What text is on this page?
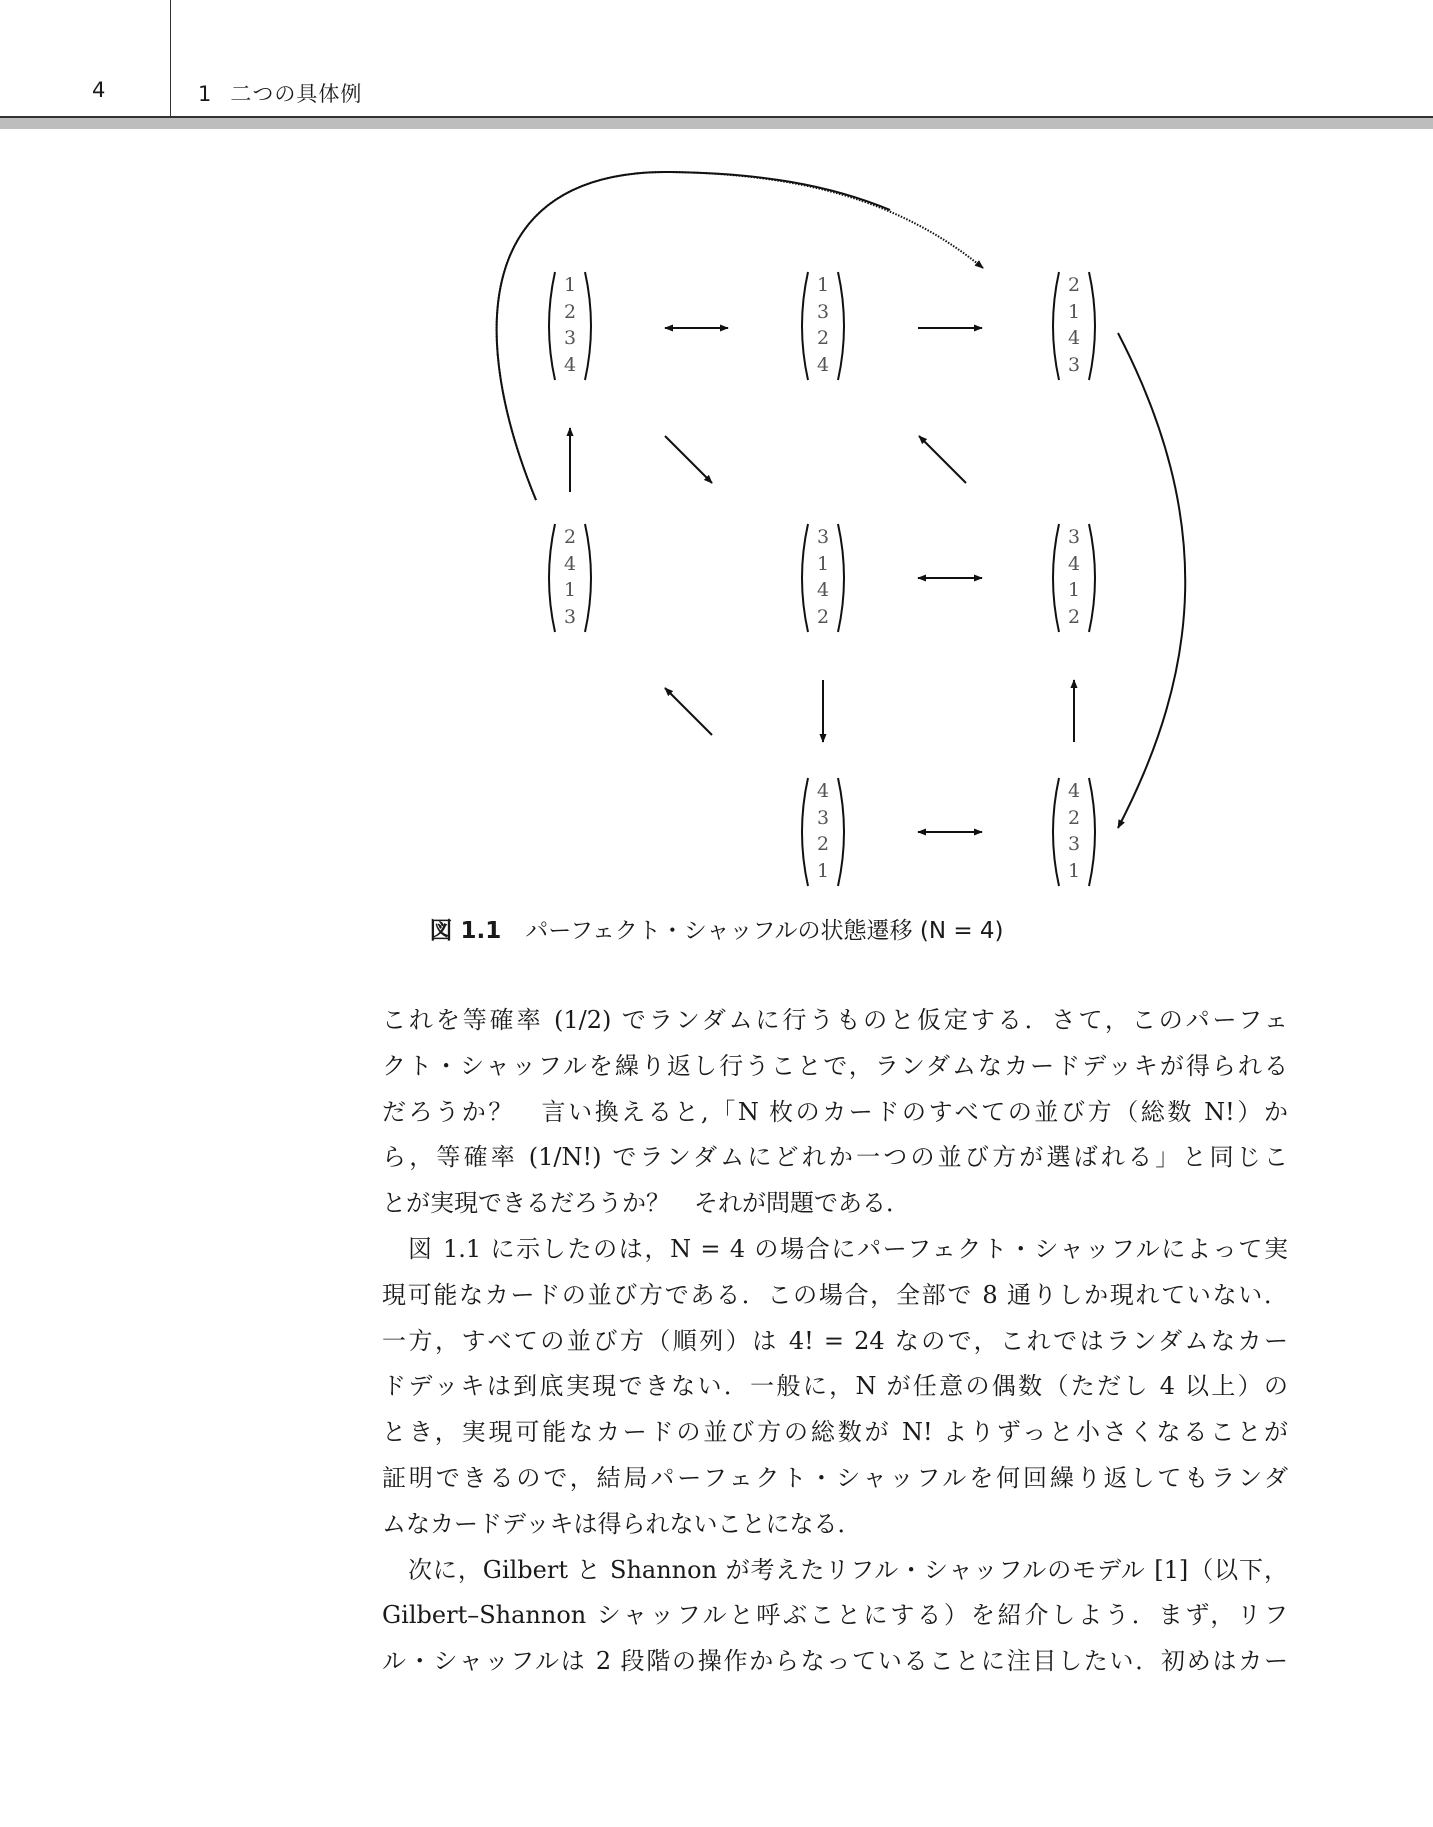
4	1 二つの具体例
1
2
3
4
1
3
2
4
2
1
4
3
2
4
1
3
3
1
4
2
3
4
1
2
4
3
2
1
4
2
3
1
図 1.1 パーフェクト・シャッフルの状態遷移 (N = 4)
これを等確率 (1/2) でランダムに行うものと仮定する．さて，このパーフェ
クト・シャッフルを繰り返し行うことで，ランダムなカードデッキが得られる
だろうか？　言い換えると,「N 枚のカードのすべての並び方（総数 N!）か
ら，等確率 (1/N!) でランダムにどれか一つの並び方が選ばれる」と同じこ
とが実現できるだろうか？　それが問題である．
図 1.1 に示したのは，N = 4 の場合にパーフェクト・シャッフルによって実
現可能なカードの並び方である．この場合，全部で 8 通りしか現れていない．
一方，すべての並び方（順列）は 4! = 24 なので，これではランダムなカー
ドデッキは到底実現できない．一般に，N が任意の偶数（ただし 4 以上）の
とき，実現可能なカードの並び方の総数が N! よりずっと小さくなることが
証明できるので，結局パーフェクト・シャッフルを何回繰り返してもランダ
ムなカードデッキは得られないことになる．
次に，Gilbert と Shannon が考えたリフル・シャッフルのモデル [1]（以下，
Gilbert–Shannon シャッフルと呼ぶことにする）を紹介しよう．まず，リフ
ル・シャッフルは 2 段階の操作からなっていることに注目したい．初めはカー
